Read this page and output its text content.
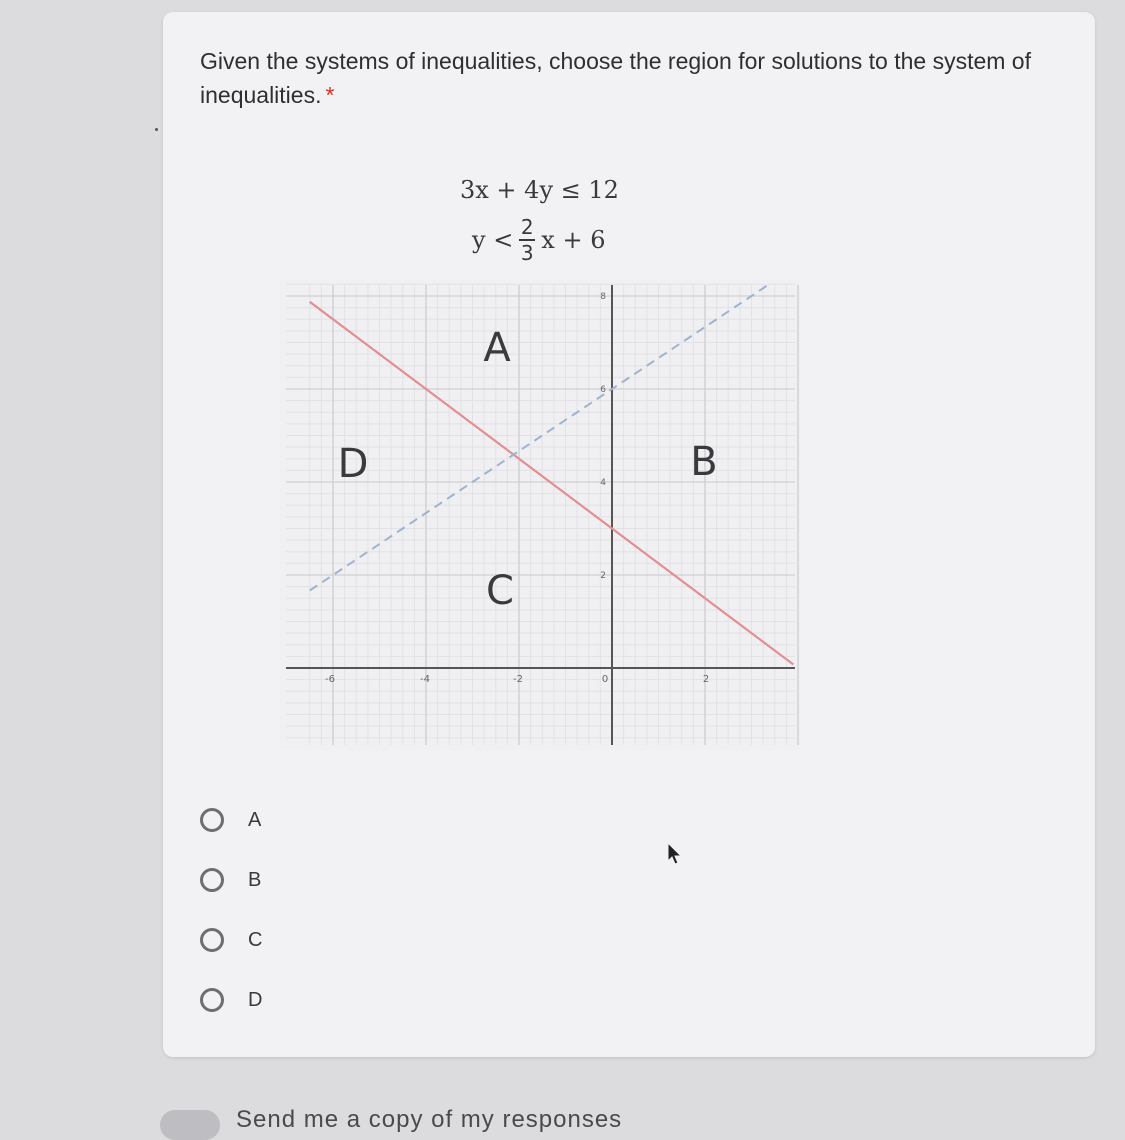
Given the systems of inequalities, choose the region for solutions to the system of inequalities. *
3x + 4y ≤ 12
$y < \frac{2}{3}$ x + 6
-6	-4	-2	0	2
2
4
6
8
A
B
C
D
A
B
C
D
Send me a copy of my responses
